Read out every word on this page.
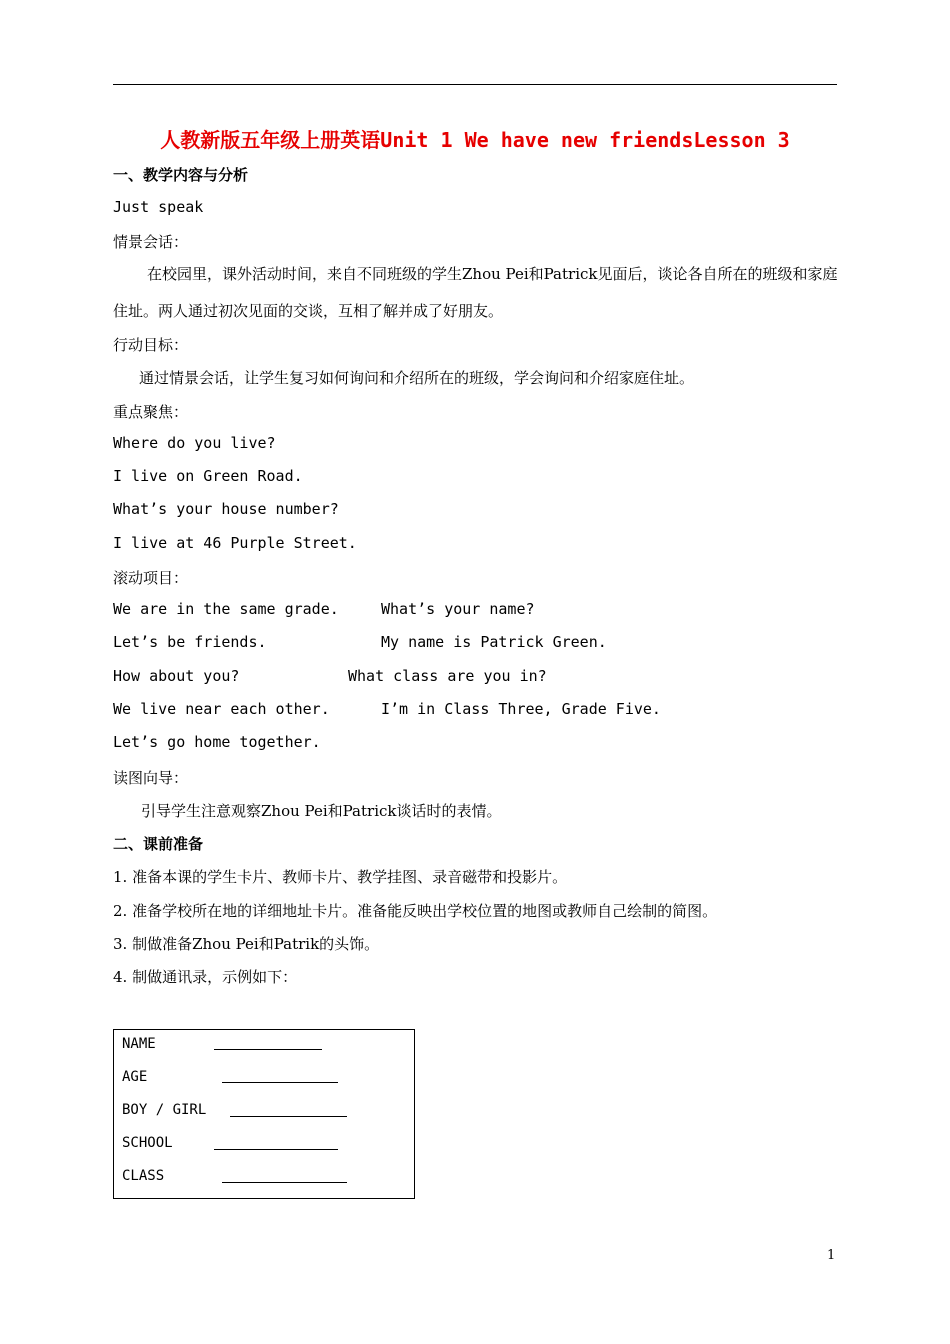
人教新版五年级上册英语Unit 1 We have new friendsLesson 3
一、教学内容与分析
Just speak
情景会话：
在校园里，课外活动时间，来自不同班级的学生Zhou Pei和Patrick见面后，谈论各自所在的班级和家庭住址。两人通过初次见面的交谈，互相了解并成了好朋友。
行动目标：
通过情景会话，让学生复习如何询问和介绍所在的班级，学会询问和介绍家庭住址。
重点聚焦：
Where do you live?
I live on Green Road.
What’s your house number?
I live at 46 Purple Street.
滚动项目：
We are in the same grade.	What’s your name?
Let’s be friends.	My name is Patrick Green.
How about you?	What class are you in?
We live near each other.	I’m in Class Three, Grade Five.
Let’s go home together.
读图向导：
引导学生注意观察Zhou Pei和Patrick谈话时的表情。
二、课前准备
1. 准备本课的学生卡片、教师卡片、教学挂图、录音磁带和投影片。
2. 准备学校所在地的详细地址卡片。准备能反映出学校位置的地图或教师自己绘制的简图。
3. 制做准备Zhou Pei和Patrik的头饰。
4. 制做通讯录，示例如下：
NAME
AGE
BOY / GIRL
SCHOOL
CLASS
1
